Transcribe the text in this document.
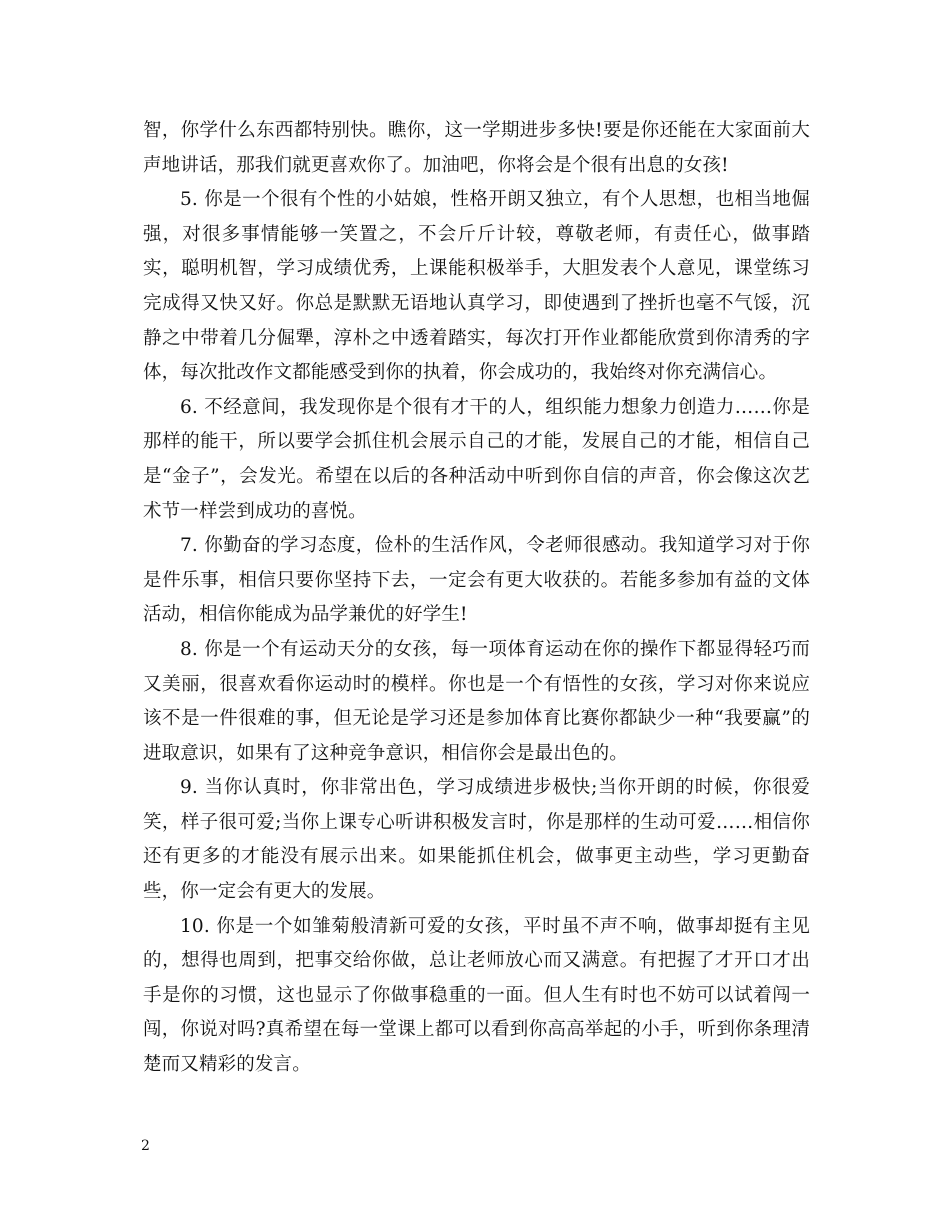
智，你学什么东西都特别快。瞧你，这一学期进步多快!要是你还能在大家面前大声地讲话，那我们就更喜欢你了。加油吧，你将会是个很有出息的女孩!

5. 你是一个很有个性的小姑娘，性格开朗又独立，有个人思想，也相当地倔强，对很多事情能够一笑置之，不会斤斤计较，尊敬老师，有责任心，做事踏实，聪明机智，学习成绩优秀，上课能积极举手，大胆发表个人意见，课堂练习完成得又快又好。你总是默默无语地认真学习，即使遇到了挫折也毫不气馁，沉静之中带着几分倔犟，淳朴之中透着踏实，每次打开作业都能欣赏到你清秀的字体，每次批改作文都能感受到你的执着，你会成功的，我始终对你充满信心。

6. 不经意间，我发现你是个很有才干的人，组织能力想象力创造力……你是那样的能干，所以要学会抓住机会展示自己的才能，发展自己的才能，相信自己是“金子”，会发光。希望在以后的各种活动中听到你自信的声音，你会像这次艺术节一样尝到成功的喜悦。

7. 你勤奋的学习态度，俭朴的生活作风，令老师很感动。我知道学习对于你是件乐事，相信只要你坚持下去，一定会有更大收获的。若能多参加有益的文体活动，相信你能成为品学兼优的好学生!

8. 你是一个有运动天分的女孩，每一项体育运动在你的操作下都显得轻巧而又美丽，很喜欢看你运动时的模样。你也是一个有悟性的女孩，学习对你来说应该不是一件很难的事，但无论是学习还是参加体育比赛你都缺少一种“我要赢”的进取意识，如果有了这种竞争意识，相信你会是最出色的。

9. 当你认真时，你非常出色，学习成绩进步极快;当你开朗的时候，你很爱笑，样子很可爱;当你上课专心听讲积极发言时，你是那样的生动可爱……相信你还有更多的才能没有展示出来。如果能抓住机会，做事更主动些，学习更勤奋些，你一定会有更大的发展。

10. 你是一个如雏菊般清新可爱的女孩，平时虽不声不响，做事却挺有主见的，想得也周到，把事交给你做，总让老师放心而又满意。有把握了才开口才出手是你的习惯，这也显示了你做事稳重的一面。但人生有时也不妨可以试着闯一闯，你说对吗?真希望在每一堂课上都可以看到你高高举起的小手，听到你条理清楚而又精彩的发言。

2
